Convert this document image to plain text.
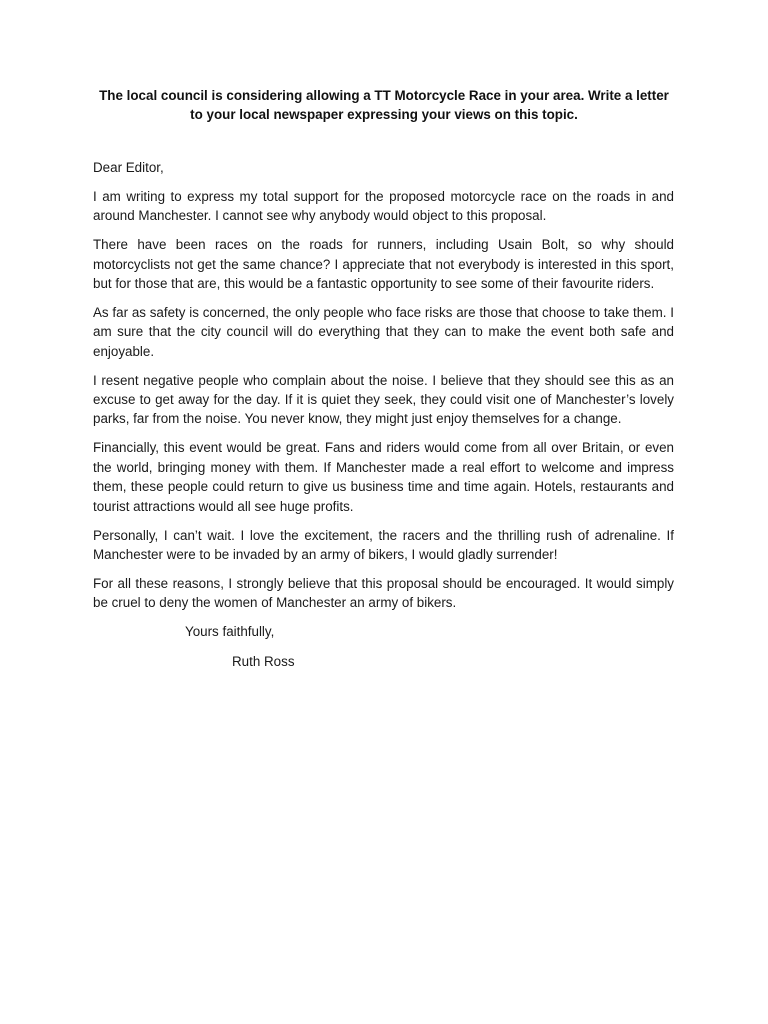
The local council is considering allowing a TT Motorcycle Race in your area. Write a letter
to your local newspaper expressing your views on this topic.

Dear Editor,

I am writing to express my total support for the proposed motorcycle race on the roads in and around Manchester. I cannot see why anybody would object to this proposal.

There have been races on the roads for runners, including Usain Bolt, so why should motorcyclists not get the same chance? I appreciate that not everybody is interested in this sport, but for those that are, this would be a fantastic opportunity to see some of their favourite riders.

As far as safety is concerned, the only people who face risks are those that choose to take them. I am sure that the city council will do everything that they can to make the event both safe and enjoyable.

I resent negative people who complain about the noise. I believe that they should see this as an excuse to get away for the day. If it is quiet they seek, they could visit one of Manchester’s lovely parks, far from the noise. You never know, they might just enjoy themselves for a change.

Financially, this event would be great. Fans and riders would come from all over Britain, or even the world, bringing money with them. If Manchester made a real effort to welcome and impress them, these people could return to give us business time and time again. Hotels, restaurants and tourist attractions would all see huge profits.

Personally, I can’t wait. I love the excitement, the racers and the thrilling rush of adrenaline. If Manchester were to be invaded by an army of bikers, I would gladly surrender!

For all these reasons, I strongly believe that this proposal should be encouraged. It would simply be cruel to deny the women of Manchester an army of bikers.

Yours faithfully,

Ruth Ross
